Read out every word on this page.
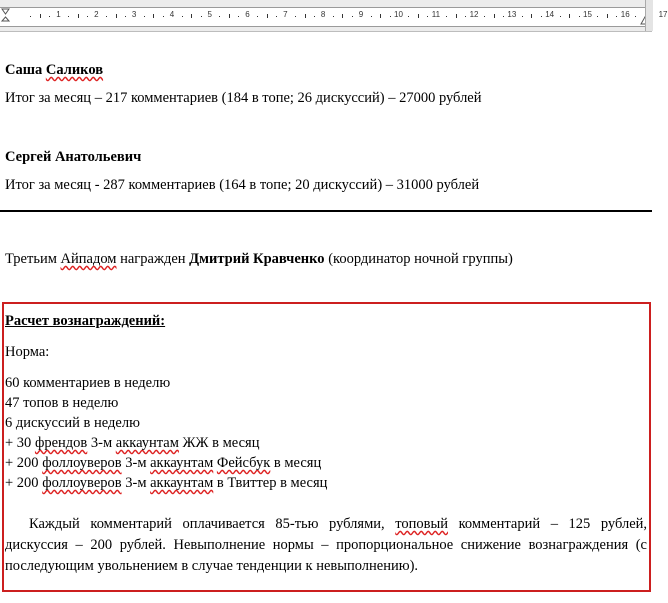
1	2	3	4	5	6	7	8	9	10	11	12	13	14	15	16	17
Саша Саликов
Итог за месяц – 217 комментариев (184 в топе; 26 дискуссий) – 27000 рублей
Сергей Анатольевич
Итог за месяц - 287 комментариев (164 в топе; 20 дискуссий) – 31000 рублей
Третьим Айпадом награжден Дмитрий Кравченко (координатор ночной группы)
Расчет вознаграждений:
Норма:
60 комментариев в неделю
47 топов в неделю
6 дискуссий в неделю
+ 30 френдов 3-м аккаунтам ЖЖ в месяц
+ 200 фоллоуверов 3-м аккаунтам Фейсбук в месяц
+ 200 фоллоуверов 3-м аккаунтам в Твиттер в месяц
Каждый комментарий оплачивается 85-тью рублями, топовый комментарий – 125 рублей, дискуссия – 200 рублей. Невыполнение нормы – пропорциональное снижение вознаграждения (с последующим увольнением в случае тенденции к невыполнению).
